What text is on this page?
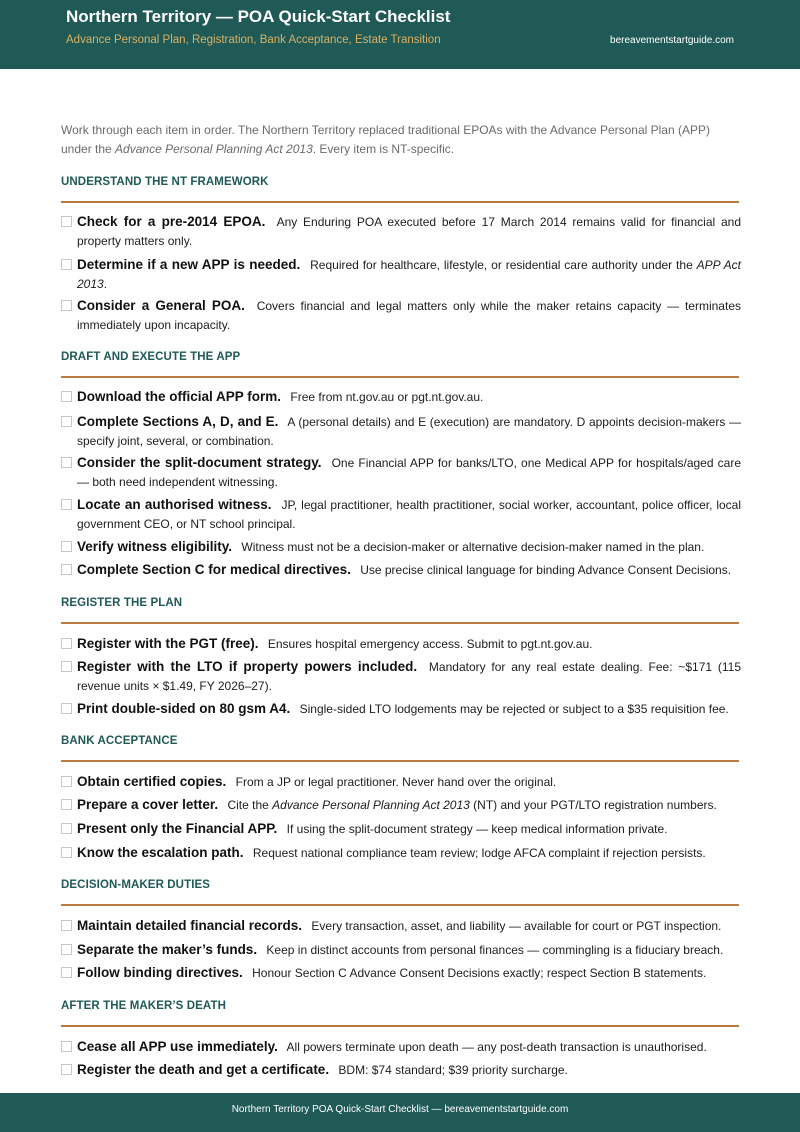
Northern Territory — POA Quick-Start Checklist
Advance Personal Plan, Registration, Bank Acceptance, Estate Transition	bereavementstartguide.com
Work through each item in order. The Northern Territory replaced traditional EPOAs with the Advance Personal Plan (APP) under the Advance Personal Planning Act 2013. Every item is NT-specific.
UNDERSTAND THE NT FRAMEWORK
Check for a pre-2014 EPOA. Any Enduring POA executed before 17 March 2014 remains valid for financial and property matters only.
Determine if a new APP is needed. Required for healthcare, lifestyle, or residential care authority under the APP Act 2013.
Consider a General POA. Covers financial and legal matters only while the maker retains capacity — terminates immediately upon incapacity.
DRAFT AND EXECUTE THE APP
Download the official APP form. Free from nt.gov.au or pgt.nt.gov.au.
Complete Sections A, D, and E. A (personal details) and E (execution) are mandatory. D appoints decision-makers — specify joint, several, or combination.
Consider the split-document strategy. One Financial APP for banks/LTO, one Medical APP for hospitals/aged care — both need independent witnessing.
Locate an authorised witness. JP, legal practitioner, health practitioner, social worker, accountant, police officer, local government CEO, or NT school principal.
Verify witness eligibility. Witness must not be a decision-maker or alternative decision-maker named in the plan.
Complete Section C for medical directives. Use precise clinical language for binding Advance Consent Decisions.
REGISTER THE PLAN
Register with the PGT (free). Ensures hospital emergency access. Submit to pgt.nt.gov.au.
Register with the LTO if property powers included. Mandatory for any real estate dealing. Fee: ~$171 (115 revenue units × $1.49, FY 2026–27).
Print double-sided on 80 gsm A4. Single-sided LTO lodgements may be rejected or subject to a $35 requisition fee.
BANK ACCEPTANCE
Obtain certified copies. From a JP or legal practitioner. Never hand over the original.
Prepare a cover letter. Cite the Advance Personal Planning Act 2013 (NT) and your PGT/LTO registration numbers.
Present only the Financial APP. If using the split-document strategy — keep medical information private.
Know the escalation path. Request national compliance team review; lodge AFCA complaint if rejection persists.
DECISION-MAKER DUTIES
Maintain detailed financial records. Every transaction, asset, and liability — available for court or PGT inspection.
Separate the maker’s funds. Keep in distinct accounts from personal finances — commingling is a fiduciary breach.
Follow binding directives. Honour Section C Advance Consent Decisions exactly; respect Section B statements.
AFTER THE MAKER’S DEATH
Cease all APP use immediately. All powers terminate upon death — any post-death transaction is unauthorised.
Register the death and get a certificate. BDM: $74 standard; $39 priority surcharge.
Northern Territory POA Quick-Start Checklist — bereavementstartguide.com
